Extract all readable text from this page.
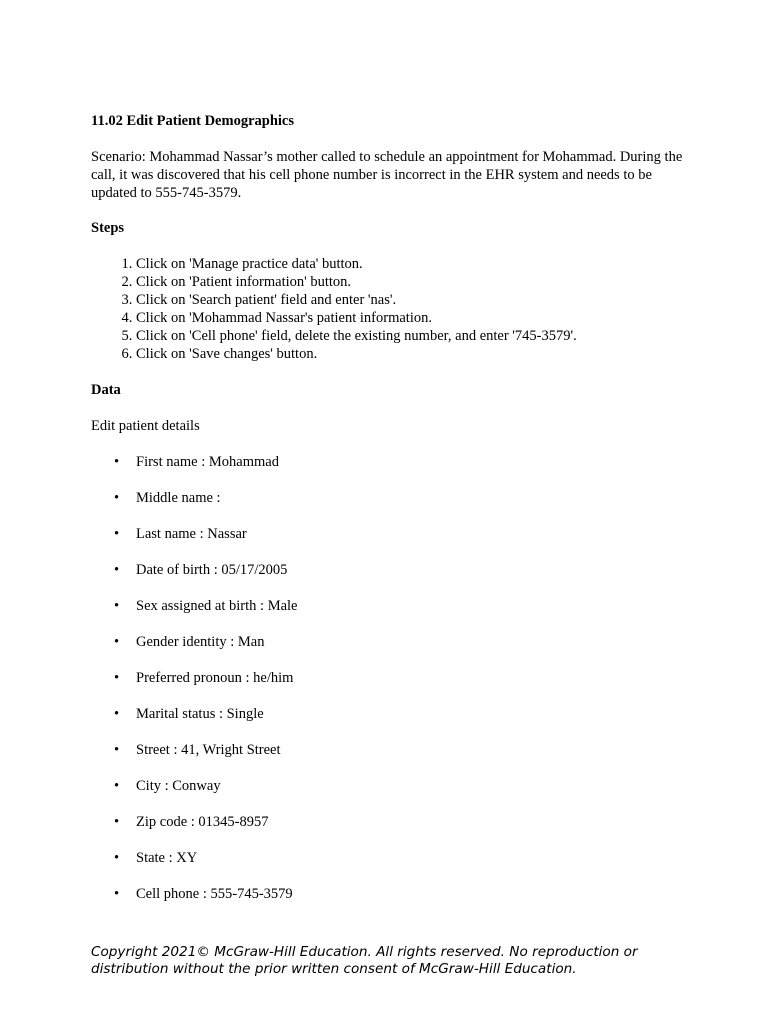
11.02 Edit Patient Demographics

Scenario: Mohammad Nassar’s mother called to schedule an appointment for Mohammad. During the call, it was discovered that his cell phone number is incorrect in the EHR system and needs to be updated to 555-745-3579.

Steps

1. Click on 'Manage practice data' button.
2. Click on 'Patient information' button.
3. Click on 'Search patient' field and enter 'nas'.
4. Click on 'Mohammad Nassar's patient information.
5. Click on 'Cell phone' field, delete the existing number, and enter '745-3579'.
6. Click on 'Save changes' button.

Data

Edit patient details

• First name : Mohammad
• Middle name :
• Last name : Nassar
• Date of birth : 05/17/2005
• Sex assigned at birth : Male
• Gender identity : Man
• Preferred pronoun : he/him
• Marital status : Single
• Street : 41, Wright Street
• City : Conway
• Zip code : 01345-8957
• State : XY
• Cell phone : 555-745-3579
Copyright 2021© McGraw-Hill Education. All rights reserved. No reproduction or distribution without the prior written consent of McGraw-Hill Education.
